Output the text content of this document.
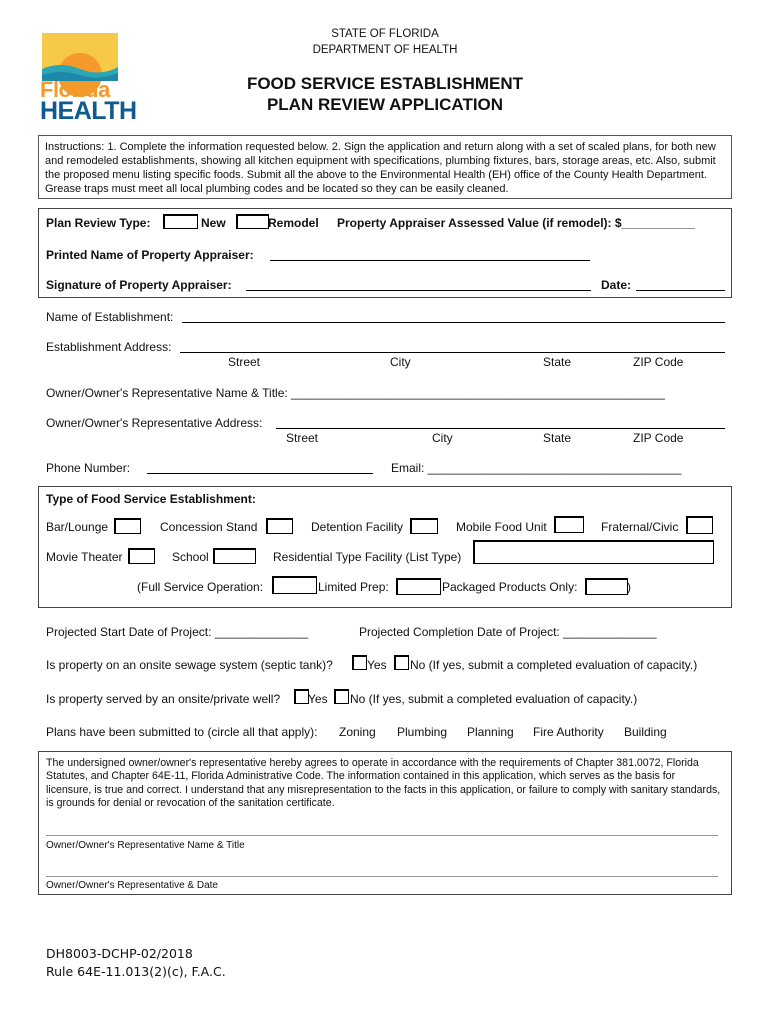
Florida
HEALTH
STATE OF FLORIDA
DEPARTMENT OF HEALTH
FOOD SERVICE ESTABLISHMENT
PLAN REVIEW APPLICATION
Instructions: 1. Complete the information requested below. 2. Sign the application and return along with a set of scaled plans, for both new and remodeled establishments, showing all kitchen equipment with specifications, plumbing fixtures, bars, storage areas, etc. Also, submit the proposed menu listing specific foods. Submit all the above to the Environmental Health (EH) office of the County Health Department. Grease traps must meet all local plumbing codes and be located so they can be easily cleaned.
Plan Review Type:	New	Remodel Property Appraiser Assessed Value (if remodel): $___________
Printed Name of Property Appraiser:
Signature of Property Appraiser:	Date:
Name of Establishment:
Establishment Address:
Street	City	State	ZIP Code
Owner/Owner's Representative Name & Title: ________________________________________________________
Owner/Owner's Representative Address:
Street	City	State	ZIP Code
Phone Number:	Email: ______________________________________
Type of Food Service Establishment:
Bar/Lounge	Concession Stand	Detention Facility	Mobile Food Unit	Fraternal/Civic
Movie Theater	School	Residential Type Facility (List Type)
(Full Service Operation:	Limited Prep:	Packaged Products Only:	)
Projected Start Date of Project: ______________	Projected Completion Date of Project: ______________
Is property on an onsite sewage system (septic tank)?	Yes No (If yes, submit a completed evaluation of capacity.)
Is property served by an onsite/private well? Yes No (If yes, submit a completed evaluation of capacity.)
Plans have been submitted to (circle all that apply): Zoning Plumbing Planning Fire Authority Building
The undersigned owner/owner's representative hereby agrees to operate in accordance with the requirements of Chapter 381.0072, Florida Statutes, and Chapter 64E-11, Florida Administrative Code. The information contained in this application, which serves as the basis for licensure, is true and correct. I understand that any misrepresentation to the facts in this application, or failure to comply with sanitary standards, is grounds for denial or revocation of the sanitation certificate.
Owner/Owner's Representative Name & Title
Owner/Owner's Representative & Date
DH8003-DCHP-02/2018
Rule 64E-11.013(2)(c), F.A.C.
